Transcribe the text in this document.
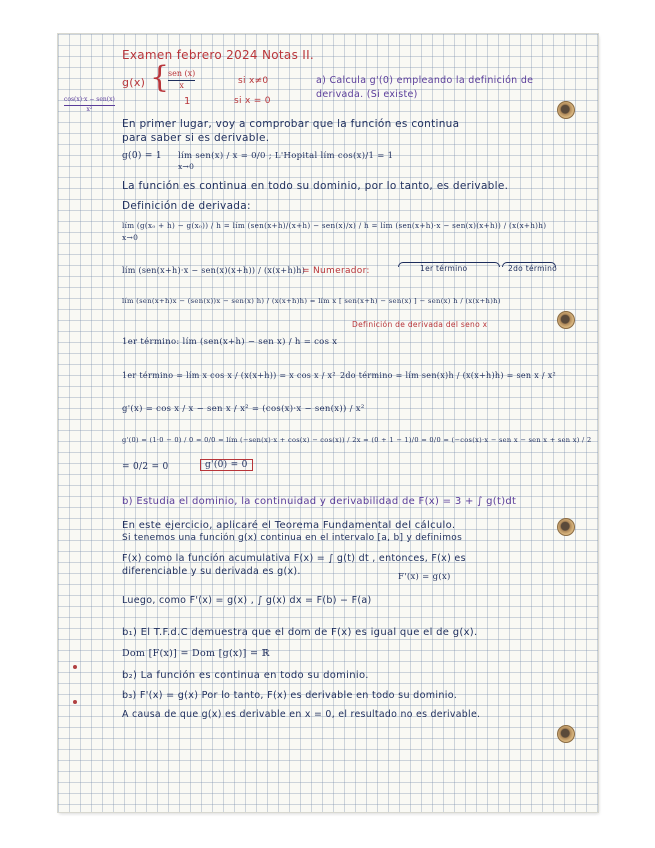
Examen febrero 2024 Notas II.
g(x) {
sen (x)
x	si x≠0
1	si x = 0
a) Calcula g'(0) empleando la definición de derivada. (Si existe)
cos(x)·x − sen(x)
x²
En primer lugar, voy a comprobar que la función es continua
para saber si es derivable.
g(0) = 1 lím sen(x) / x = 0/0 ; L'Hopital lím cos(x)/1 = 1
x→0
La función es continua en todo su dominio, por lo tanto, es derivable.
Definición de derivada:
lím (g(x₀ + h) − g(x₀)) / h = lím (sen(x+h)/(x+h) − sen(x)/x) / h = lím (sen(x+h)·x − sen(x)(x+h)) / (x(x+h)h)
x→0
lím (sen(x+h)·x − sen(x)(x+h)) / (x(x+h)h)
= Numerador:	1er término	2do término
lím (sen(x+h)x − (sen(x))x − sen(x) h) / (x(x+h)h) = lím x [ sen(x+h) − sen(x) ] − sen(x) h / (x(x+h)h)
Definición de derivada del seno x
1er término: lím (sen(x+h) − sen x) / h = cos x
1er término = lím x cos x / (x(x+h)) = x cos x / x² 2do término = lím sen(x)h / (x(x+h)h) = sen x / x²
g'(x) = cos x / x − sen x / x² = (cos(x)·x − sen(x)) / x²
g'(0) = (1·0 − 0) / 0 = 0/0 = lím (−sen(x)·x + cos(x) − cos(x)) / 2x = (0 + 1 − 1)/0 = 0/0 = (−cos(x)·x − sen x − sen x + sen x) / 2
= 0/2 = 0	g'(0) = 0
b) Estudia el dominio, la continuidad y derivabilidad de F(x) = 3 + ∫ g(t)dt
En este ejercicio, aplicaré el Teorema Fundamental del cálculo.
Si tenemos una función g(x) continua en el intervalo [a, b] y definimos
F(x) como la función acumulativa F(x) = ∫ g(t) dt , entonces, F(x) es
diferenciable y su derivada es g(x).	F'(x) = g(x)
Luego, como F'(x) = g(x) , ∫ g(x) dx = F(b) − F(a)
b₁) El T.F.d.C demuestra que el dom de F(x) es igual que el de g(x).
Dom [F(x)] = Dom [g(x)] = ℝ
b₂) La función es continua en todo su dominio.
b₃) F'(x) = g(x) Por lo tanto, F(x) es derivable en todo su dominio.
A causa de que g(x) es derivable en x = 0, el resultado no es derivable.
